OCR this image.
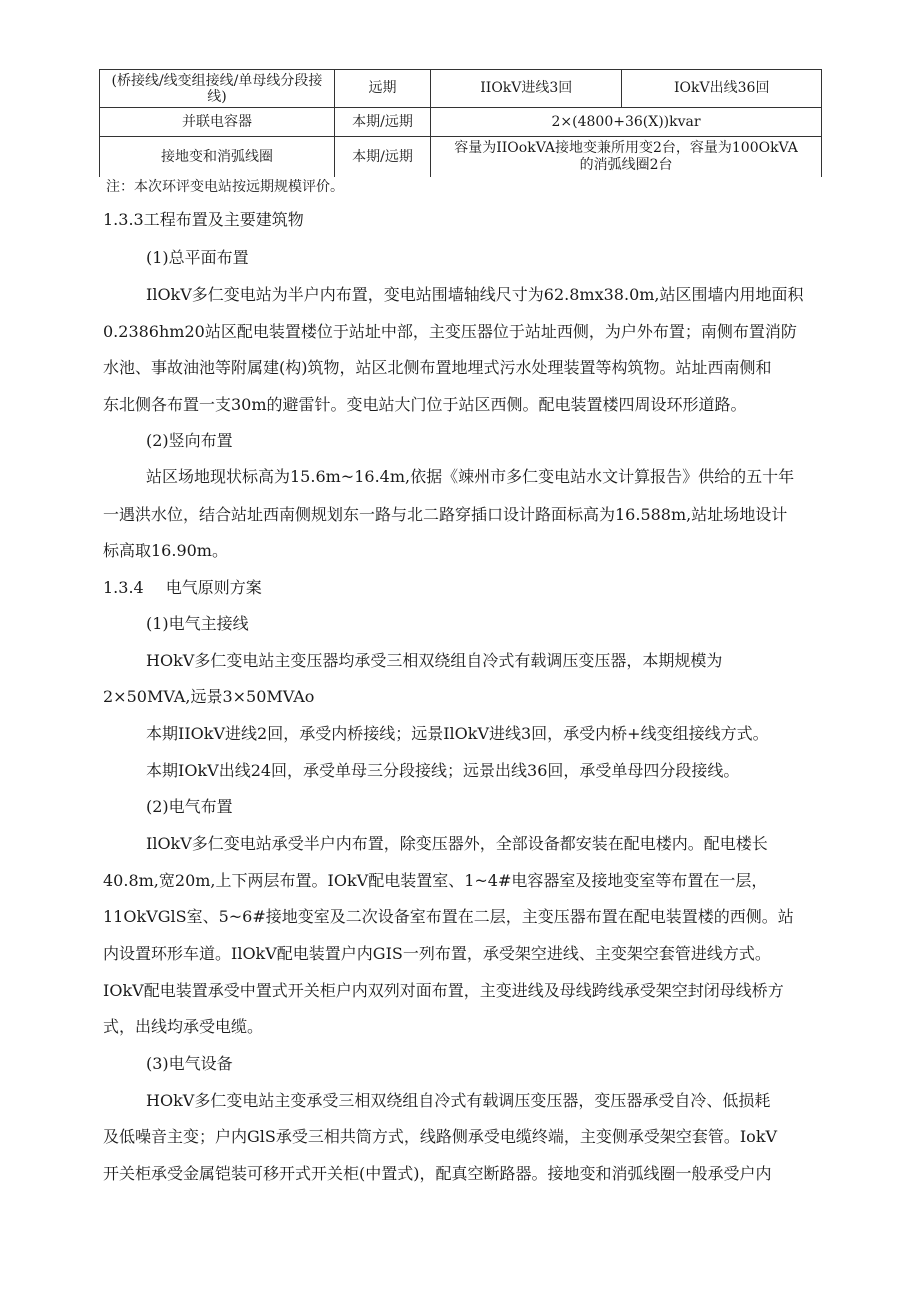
(桥接线/线变组接线/单母线分段接线)	远期	IIOkV进线3回	IOkV出线36回
并联电容器	本期/远期	2×(4800+36(X))kvar	
接地变和消弧线圈	本期/远期	容量为IIOokVA接地变兼所用变2台，容量为100OkVA
的消弧线圈2台	
注：本次环评变电站按远期规模评价。
1.3.3工程布置及主要建筑物
(1)总平面布置
IlOkV多仁变电站为半户内布置，变电站围墙轴线尺寸为62.8mx38.0m,站区围墙内用地面积
0.2386hm20站区配电装置楼位于站址中部，主变压器位于站址西侧，为户外布置；南侧布置消防
水池、事故油池等附属建(构)筑物，站区北侧布置地埋式污水处理装置等构筑物。站址西南侧和
东北侧各布置一支30m的避雷针。变电站大门位于站区西侧。配电装置楼四周设环形道路。
(2)竖向布置
站区场地现状标高为15.6m~16.4m,依据《竦州市多仁变电站水文计算报告》供给的五十年
一遇洪水位，结合站址西南侧规划东一路与北二路穿插口设计路面标高为16.588m,站址场地设计
标高取16.90m。
1.3.4 电气原则方案
(1)电气主接线
HOkV多仁变电站主变压器均承受三相双绕组自冷式有载调压变压器，本期规模为
2×50MVA,远景3×50MVAo
本期IIOkV进线2回，承受内桥接线；远景IlOkV进线3回，承受内桥+线变组接线方式。
本期IOkV出线24回，承受单母三分段接线；远景出线36回，承受单母四分段接线。
(2)电气布置
IlOkV多仁变电站承受半户内布置，除变压器外，全部设备都安装在配电楼内。配电楼长
40.8m,宽20m,上下两层布置。IOkV配电装置室、1~4#电容器室及接地变室等布置在一层，
11OkVGlS室、5~6#接地变室及二次设备室布置在二层，主变压器布置在配电装置楼的西侧。站
内设置环形车道。IlOkV配电装置户内GIS一列布置，承受架空进线、主变架空套管进线方式。
IOkV配电装置承受中置式开关柜户内双列对面布置，主变进线及母线跨线承受架空封闭母线桥方
式，出线均承受电缆。
(3)电气设备
HOkV多仁变电站主变承受三相双绕组自冷式有载调压变压器，变压器承受自冷、低损耗
及低噪音主变；户内GlS承受三相共筒方式，线路侧承受电缆终端，主变侧承受架空套管。IokV
开关柜承受金属铠装可移开式开关柜(中置式)，配真空断路器。接地变和消弧线圈一般承受户内
